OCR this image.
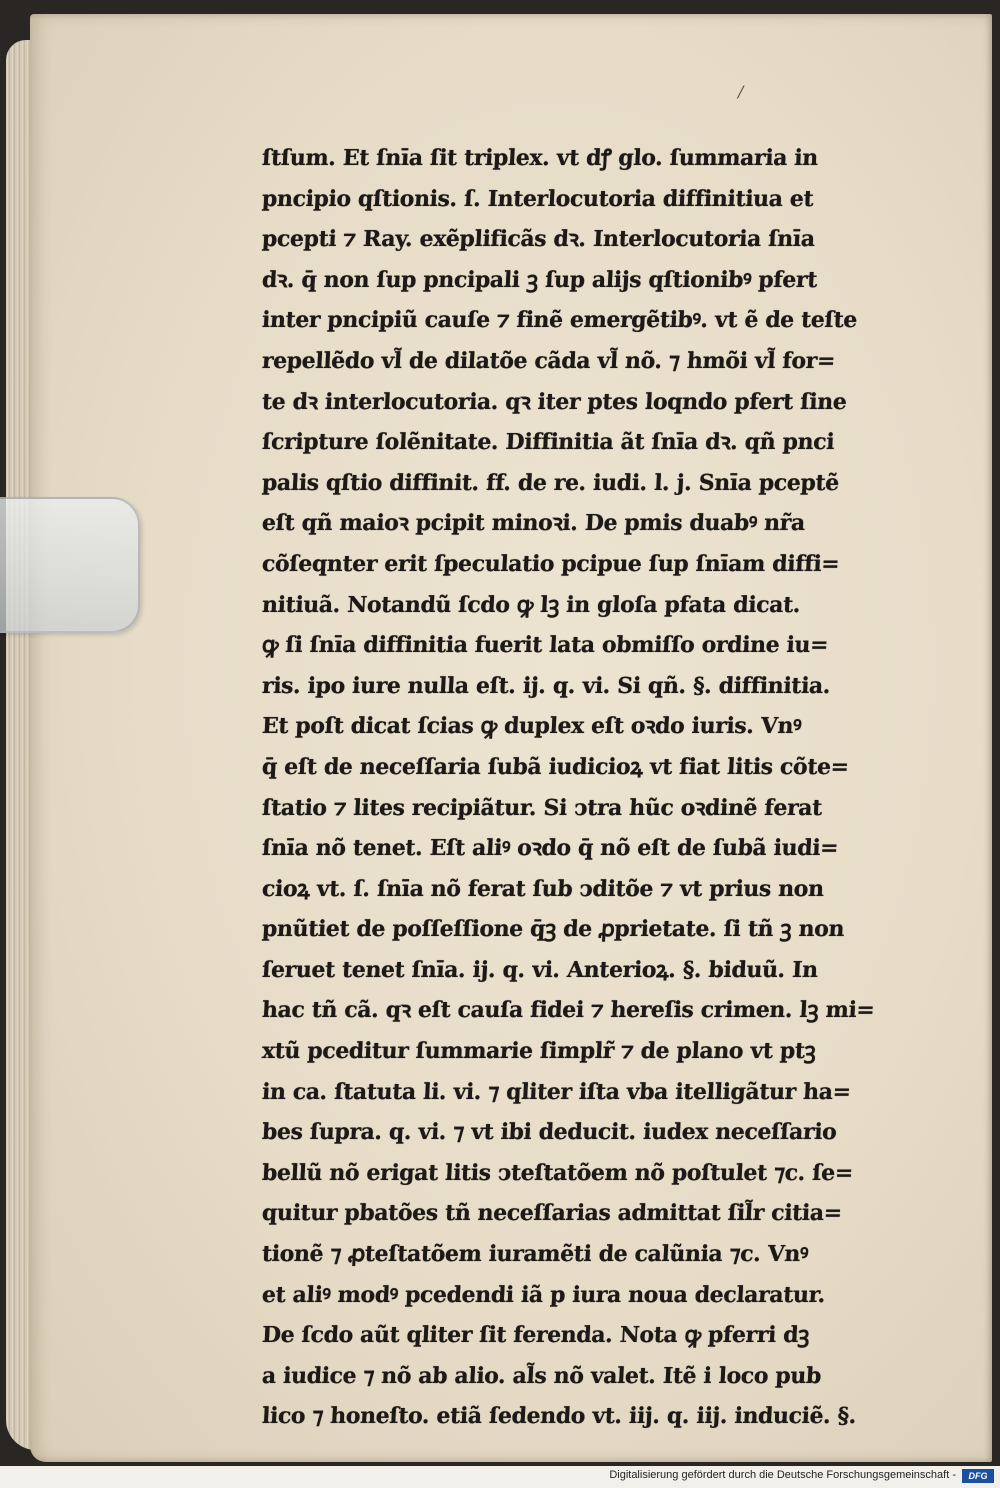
/
ſtſum. Et ſnīa ſit triplex. vt dꝭ glo. ſummaria in
pncipio qſtionis. ſ. Interlocutoria diffinitiua et
pcepti ⁊ Ray. exẽplificãs dꝛ. Interlocutoria ſnīa
dꝛ. q̄ non ſup pncipali ꝫ ſup alijs qſtionibꝰ pfert
inter pncipiũ cauſe ⁊ finẽ emergẽtibꝰ. vt ẽ de teſte
repellẽdo vl̃ de dilatõe cãda vl̃ nõ. ⁊ hmõi vl̃ for=
te dꝛ interlocutoria. qꝛ iter ptes loqndo pfert ſine
ſcripture ſolẽnitate. Diffinitia ãt ſnīa dꝛ. qñ pnci
palis qſtio diffinit. ff. de re. iudi. l. j. Snīa pceptẽ
eſt qñ maioꝛ pcipit minoꝛi. De pmis duabꝰ nr̃a
cõſeqnter erit ſpeculatio pcipue ſup ſnīam diffi=
nitiuã. Notandũ ſcdo ꝙ lꝫ in gloſa pfata dicat.
ꝙ ſi ſnīa diffinitia fuerit lata obmiſſo ordine iu=
ris. ipo iure nulla eſt. ij. q. vi. Si qñ. §. diffinitia.
Et poſt dicat ſcias ꝙ duplex eſt oꝛdo iuris. Vnꝰ
q̄ eſt de neceſſaria ſubã iudicioꝝ vt fiat litis cõte=
ſtatio ⁊ lites recipiãtur. Si ↄtra hũc oꝛdinẽ ferat
ſnīa nõ tenet. Eſt aliꝰ oꝛdo q̄ nõ eſt de ſubã iudi=
cioꝝ vt. ſ. ſnīa nõ ferat ſub ↄditõe ⁊ vt prius non
pnũtiet de poſſeſſione q̄ꝫ de ꝓprietate. ſi tñ ꝫ non
ſeruet tenet ſnīa. ij. q. vi. Anterioꝝ. §. biduũ. In
hac tñ cã. qꝛ eſt cauſa fidei ⁊ hereſis crimen. lꝫ mi=
xtũ pceditur ſummarie ſimplr̃ ⁊ de plano vt ptꝫ
in ca. ſtatuta li. vi. ⁊ qliter iſta vba itelligãtur ha=
bes ſupra. q. vi. ⁊ vt ibi deducit. iudex neceſſario
bellũ nõ erigat litis ↄteſtatõem nõ poſtulet ⁊c. ſe=
quitur pbatões tñ neceſſarias admittat ſil̃r citia=
tionẽ ⁊ ꝓteſtatõem iuramẽti de calũnia ⁊c. Vnꝰ
et aliꝰ modꝰ pcedendi iã p iura noua declaratur.
De ſcdo aũt qliter ſit ferenda. Nota ꝙ pferri dꝫ
a iudice ⁊ nõ ab alio. al̃s nõ valet. Itẽ i loco pub
lico ⁊ honeſto. etiã ſedendo vt. iij. q. iij. induciẽ. §.
Digitalisierung gefördert durch die Deutsche Forschungsgemeinschaft -	DFG
